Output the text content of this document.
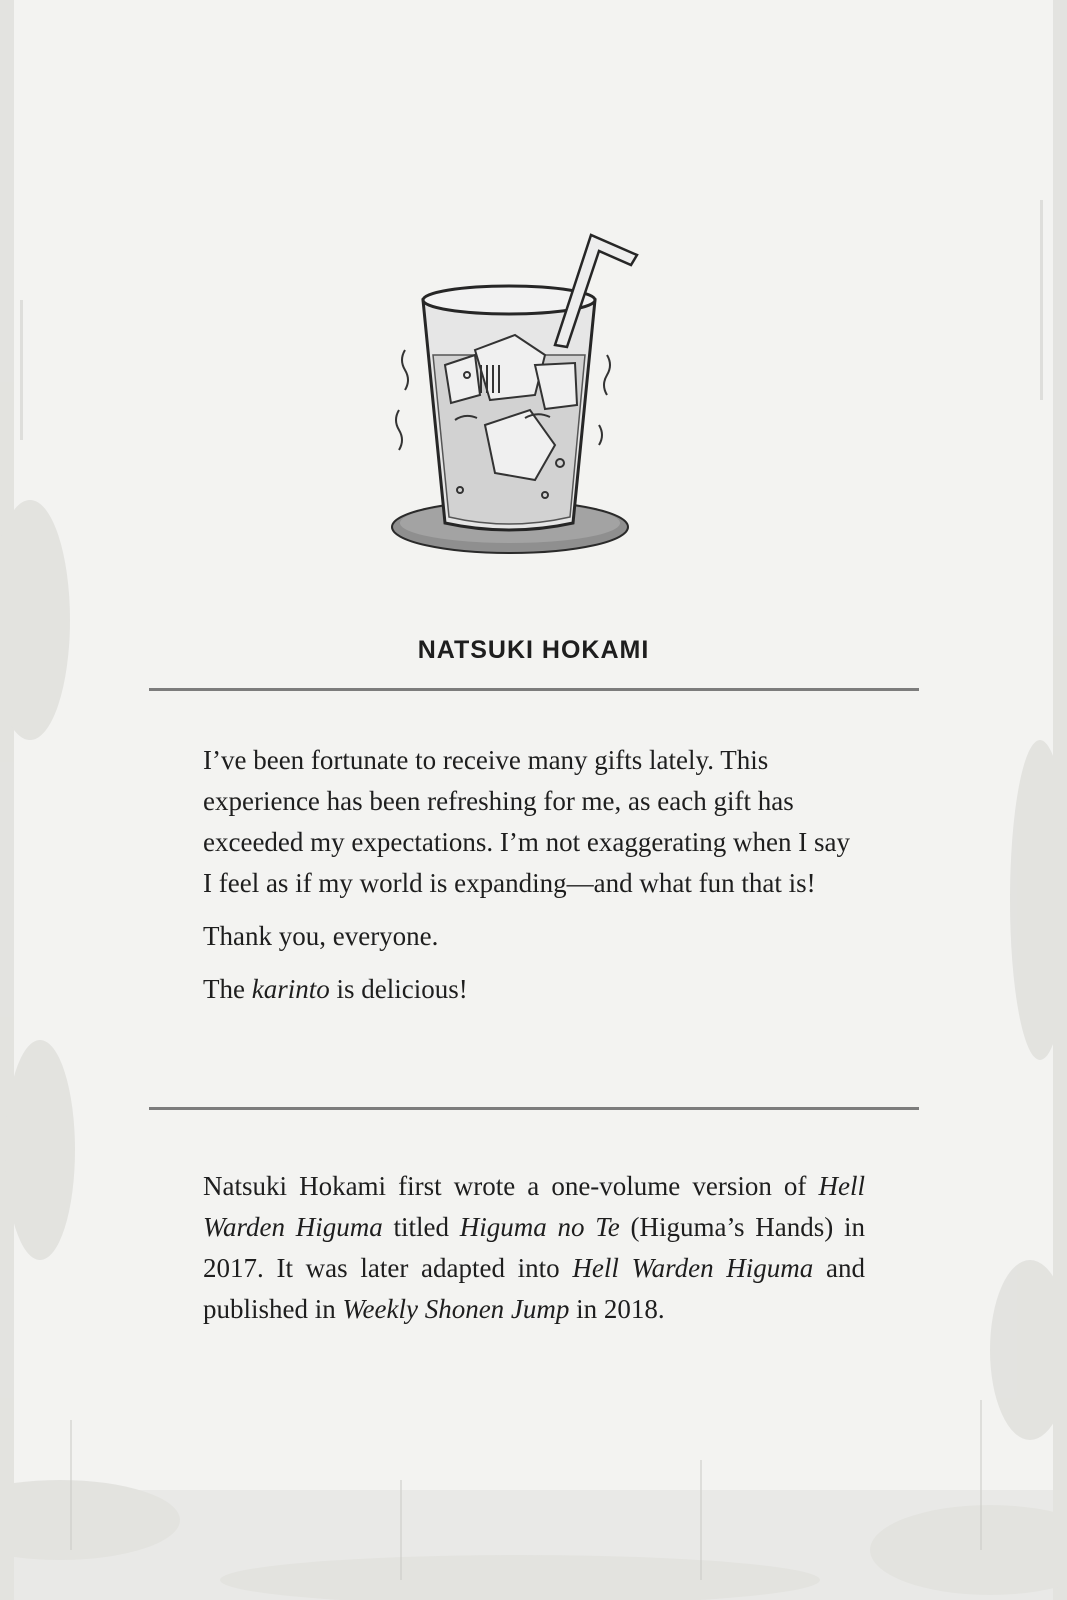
NATSUKI HOKAMI

I’ve been fortunate to receive many gifts lately. This experience has been refreshing for me, as each gift has exceeded my expectations. I’m not exaggerating when I say I feel as if my world is expanding—and what fun that is!

Thank you, everyone.

The karinto is delicious!

Natsuki Hokami first wrote a one-volume version of Hell Warden Higuma titled Higuma no Te (Higuma’s Hands) in 2017. It was later adapted into Hell Warden Higuma and published in Weekly Shonen Jump in 2018.
